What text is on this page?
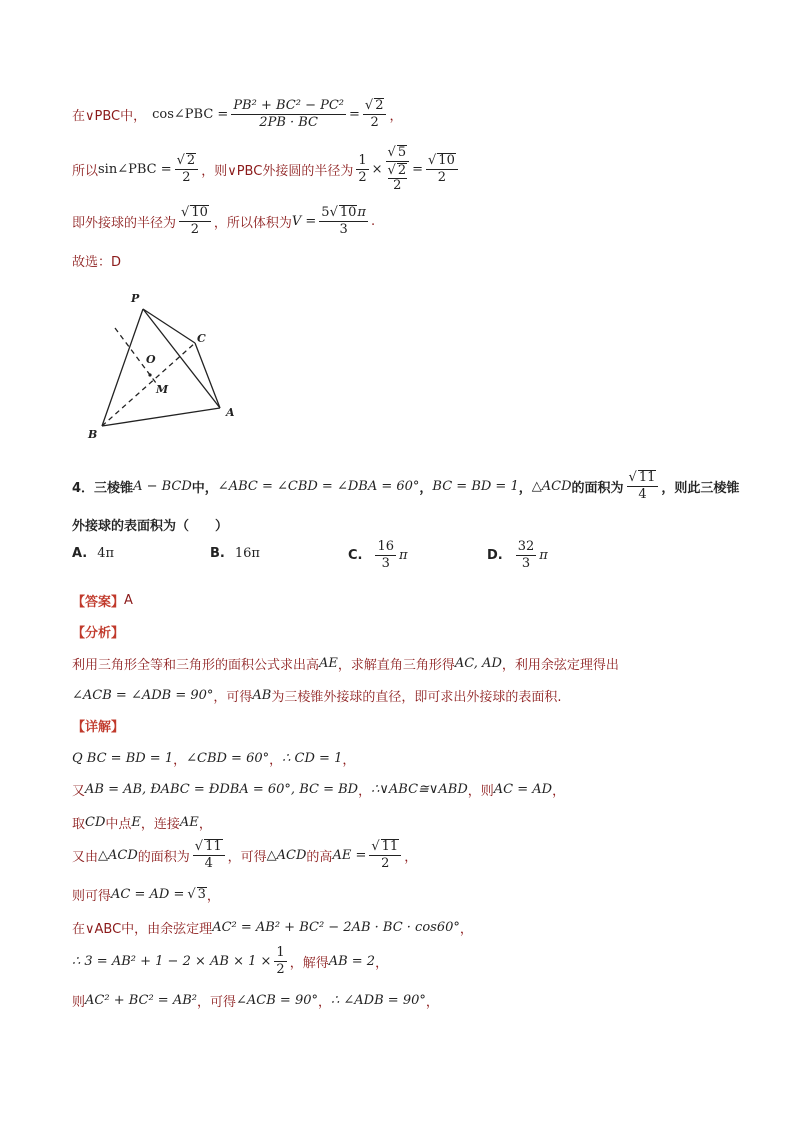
在∨PBC中， cos∠PBC = $\frac{\text{PB² + BC² − PC²}}{2PB \cdot BC} = \frac{√ 2}{2}$ ，
所以 sin∠PBC = $\frac{√ 2}{2}$ ，则∨PBC外接圆的半径为 $\frac{1}{2}$ × √ 5
√ 2
$2 = \frac{√ 10}{2}$
即外接球的半径为 $\frac{√ 10}{2}$ ，所以体积为 $V = \frac{5√ 10\pi}{3}$ .
故选：D
P
C
O
M
A
B
4． 三棱锥 A − BCD 中， ∠ABC = ∠CBD = ∠DBA = 60° ， BC = BD = 1 ， △ACD 的面积为 $\frac{√ 11}{4}$ ，则此三棱锥
外接球的表面积为（　　）
A. 4π	B. 16π	C. $\frac{16}{3}$ π	D. $\frac{32}{3}$ π
【答案】 A
【分析】
利用三角形全等和三角形的面积公式求出高 AE ，求解直角三角形得 AC, AD ，利用余弦定理得出
∠ACB = ∠ADB = 90° ，可得 AB 为三棱锥外接球的直径，即可求出外接球的表面积.
【详解】
Q BC = BD = 1 ， ∠CBD = 60° ， ∴ CD = 1 ，
又 AB = AB, ÐABC = ÐDBA = 60°, BC = BD ， ∴∨ABC≅∨ABD ，则 AC = AD ，
取 CD 中点 E ，连接 AE ，
又由 △ACD 的面积为 $\frac{√ 11}{4}$ ，可得 △ACD 的高 AE = $\frac{√ 11}{2}$ ，
则可得 AC = AD = √ 3 ，
在∨ABC中，由余弦定理 AC² = AB² + BC² − 2AB · BC · cos60° ，
∴ 3 = AB² + 1 − 2 × AB × $1 \times \frac{1}{2}$ ，解得 AB = 2 ，
则 AC² + BC² = AB² ，可得 ∠ACB = 90° ， ∴ ∠ADB = 90° ，
